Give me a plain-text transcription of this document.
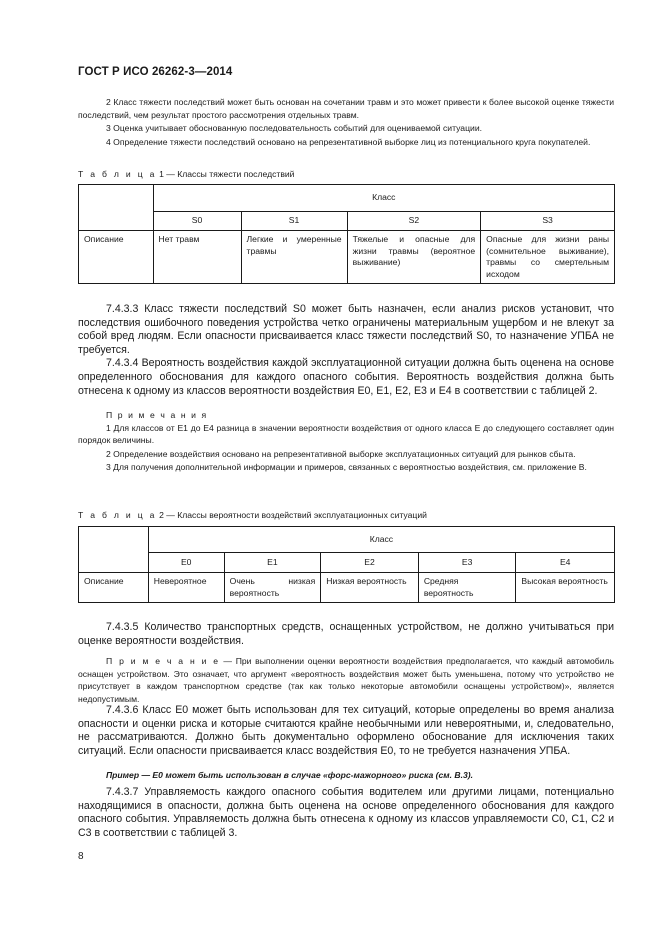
ГОСТ Р ИСО 26262-3—2014

2 Класс тяжести последствий может быть основан на сочетании травм и это может привести к более высокой оценке тяжести последствий, чем результат простого рассмотрения отдельных травм.

3 Оценка учитывает обоснованную последовательность событий для оцениваемой ситуации.

4 Определение тяжести последствий основано на репрезентативной выборке лиц из потенциального круга покупателей.

Т а б л и ц а 1 — Классы тяжести последствий
	Класс			
	S0	S1	S2	S3
Описание	Нет травм	Легкие и умеренные травмы	Тяжелые и опасные для жизни травмы (вероятное выживание)	Опасные для жизни раны (сомнительное выживание), травмы со смертельным исходом

7.4.3.3 Класс тяжести последствий S0 может быть назначен, если анализ рисков установит, что последствия ошибочного поведения устройства четко ограничены материальным ущербом и не влекут за собой вред людям. Если опасности присваивается класс тяжести последствий S0, то назначение УПБА не требуется.

7.4.3.4 Вероятность воздействия каждой эксплуатационной ситуации должна быть оценена на основе определенного обоснования для каждого опасного события. Вероятность воздействия должна быть отнесена к одному из классов вероятности воздействия E0, E1, E2, E3 и E4 в соответствии с таблицей 2.

П р и м е ч а н и я

1 Для классов от E1 до E4 разница в значении вероятности воздействия от одного класса E до следующего составляет один порядок величины.

2 Определение воздействия основано на репрезентативной выборке эксплуатационных ситуаций для рынков сбыта.

3 Для получения дополнительной информации и примеров, связанных с вероятностью воздействия, см. приложение B.

Т а б л и ц а 2 — Классы вероятности воздействий эксплуатационных ситуаций
	Класс				
	E0	E1	E2	E3	E4
Описание	Невероятное	Очень низкая вероятность	Низкая вероятность	Средняя вероятность	Высокая вероятность

7.4.3.5 Количество транспортных средств, оснащенных устройством, не должно учитываться при оценке вероятности воздействия.

П р и м е ч а н и е — При выполнении оценки вероятности воздействия предполагается, что каждый автомобиль оснащен устройством. Это означает, что аргумент «вероятность воздействия может быть уменьшена, потому что устройство не присутствует в каждом транспортном средстве (так как только некоторые автомобили оснащены устройством)», является недопустимым.

7.4.3.6 Класс E0 может быть использован для тех ситуаций, которые определены во время анализа опасности и оценки риска и которые считаются крайне необычными или невероятными, и, следовательно, не рассматриваются. Должно быть документально оформлено обоснование для исключения таких ситуаций. Если опасности присваивается класс воздействия E0, то не требуется назначения УПБА.

Пример — E0 может быть использован в случае «форс-мажорного» риска (см. B.3).

7.4.3.7 Управляемость каждого опасного события водителем или другими лицами, потенциально находящимися в опасности, должна быть оценена на основе определенного обоснования для каждого опасного события. Управляемость должна быть отнесена к одному из классов управляемости C0, C1, C2 и C3 в соответствии с таблицей 3.

8
